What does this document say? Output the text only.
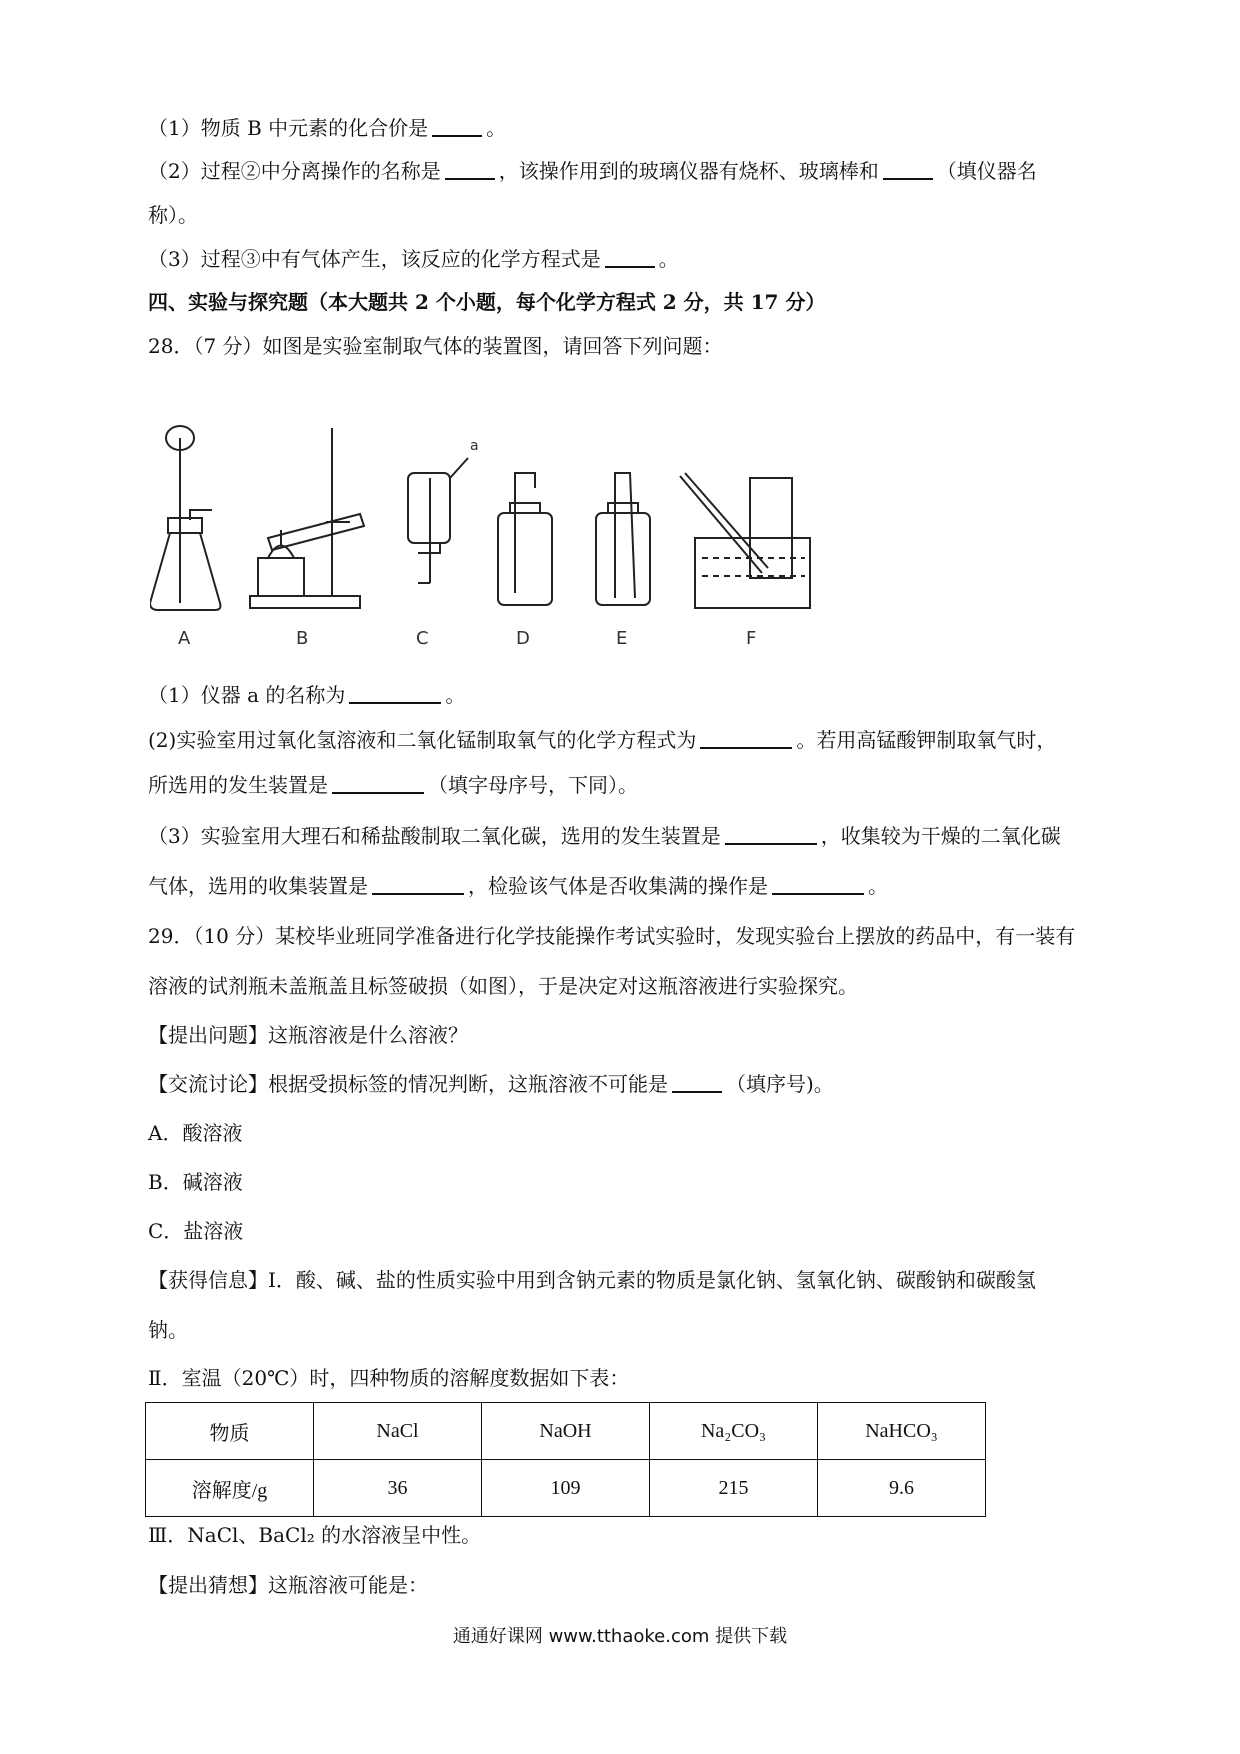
（1）物质 B 中元素的化合价是	。
（2）过程②中分离操作的名称是	，该操作用到的玻璃仪器有烧杯、玻璃棒和	（填仪器名
称）。
（3）过程③中有气体产生，该反应的化学方程式是	。
四、实验与探究题（本大题共 2 个小题，每个化学方程式 2 分，共 17 分）
28．（7 分）如图是实验室制取气体的装置图，请回答下列问题：
A	B	C	D	E	F
a
（1）仪器 a 的名称为	。
(2)实验室用过氧化氢溶液和二氧化锰制取氧气的化学方程式为	。若用高锰酸钾制取氧气时，
所选用的发生装置是	（填字母序号，下同）。
（3）实验室用大理石和稀盐酸制取二氧化碳，选用的发生装置是	，收集较为干燥的二氧化碳
气体，选用的收集装置是	，检验该气体是否收集满的操作是	。
29．（10 分）某校毕业班同学准备进行化学技能操作考试实验时，发现实验台上摆放的药品中，有一装有
溶液的试剂瓶未盖瓶盖且标签破损（如图），于是决定对这瓶溶液进行实验探究。
【提出问题】这瓶溶液是什么溶液？
【交流讨论】根据受损标签的情况判断，这瓶溶液不可能是	（填序号)。
A．酸溶液
B．碱溶液
C．盐溶液
【获得信息】Ⅰ．酸、碱、盐的性质实验中用到含钠元素的物质是氯化钠、氢氧化钠、碳酸钠和碳酸氢
钠。
Ⅱ．室温（20℃）时，四种物质的溶解度数据如下表：
物质	NaCl	NaOH	Na₂CO₃	NaHCO₃
溶解度/g	36	109	215	9.6
Ⅲ．NaCl、BaCl₂ 的水溶液呈中性。
【提出猜想】这瓶溶液可能是：
通通好课网 www.tthaoke.com 提供下载
